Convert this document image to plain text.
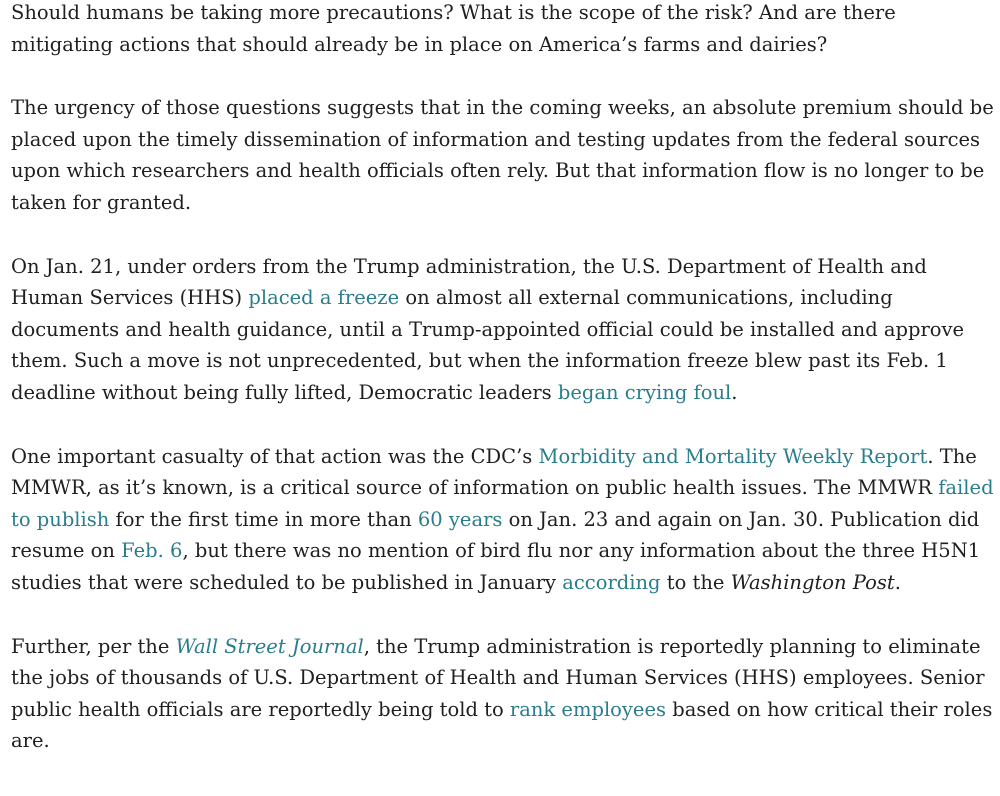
Should humans be taking more precautions? What is the scope of the risk? And are there mitigating actions that should already be in place on America’s farms and dairies?

The urgency of those questions suggests that in the coming weeks, an absolute premium should be placed upon the timely dissemination of information and testing updates from the federal sources upon which researchers and health officials often rely. But that information flow is no longer to be taken for granted.

On Jan. 21, under orders from the Trump administration, the U.S. Department of Health and Human Services (HHS) placed a freeze on almost all external communications, including documents and health guidance, until a Trump-appointed official could be installed and approve them. Such a move is not unprecedented, but when the information freeze blew past its Feb. 1 deadline without being fully lifted, Democratic leaders began crying foul.

One important casualty of that action was the CDC’s Morbidity and Mortality Weekly Report. The MMWR, as it’s known, is a critical source of information on public health issues. The MMWR failed to publish for the first time in more than 60 years on Jan. 23 and again on Jan. 30. Publication did resume on Feb. 6, but there was no mention of bird flu nor any information about the three H5N1 studies that were scheduled to be published in January according to the Washington Post.

Further, per the Wall Street Journal, the Trump administration is reportedly planning to eliminate the jobs of thousands of U.S. Department of Health and Human Services (HHS) employees. Senior public health officials are reportedly being told to rank employees based on how critical their roles are.
